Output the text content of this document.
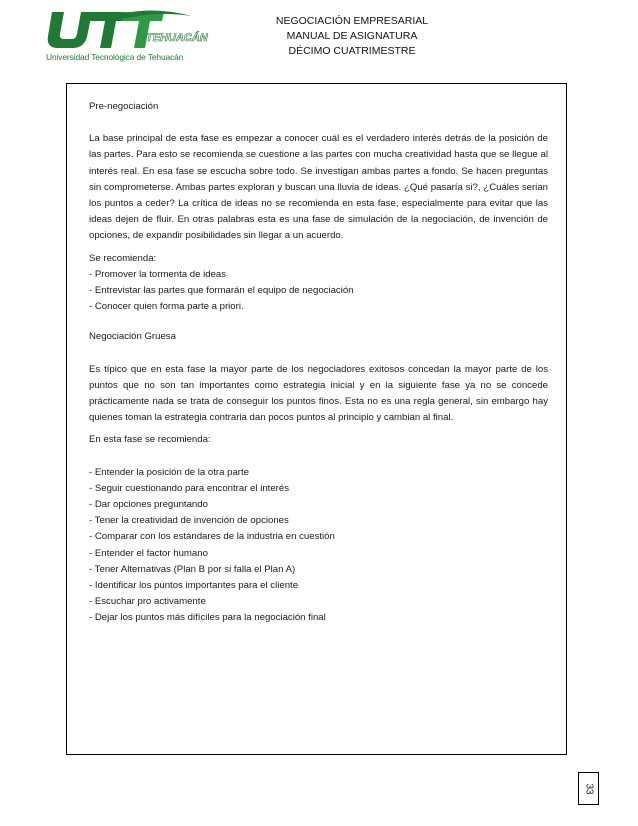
TEHUACÁN
Universidad Tecnológica de Tehuacán
NEGOCIACIÓN EMPRESARIAL
MANUAL DE ASIGNATURA
DÉCIMO CUATRIMESTRE

Pre-negociación

La base principal de esta fase es empezar a conocer cuál es el verdadero interés detrás de la posición de las partes. Para esto se recomienda se cuestione a las partes con mucha creatividad hasta que se llegue al interés real. En esa fase se escucha sobre todo. Se investigan ambas partes a fondo. Se hacen preguntas sin comprometerse. Ambas partes exploran y buscan una lluvia de ideas. ¿Qué pasaría si?, ¿Cuáles serian los puntos a ceder? La crítica de ideas no se recomienda en esta fase, especialmente para evitar que las ideas dejen de fluir. En otras palabras esta es una fase de simulación de la negociación, de invención de opciones, de expandir posibilidades sin llegar a un acuerdo.

Se recomienda:

- Promover la tormenta de ideas
- Entrevistar las partes que formarán el equipo de negociación
- Conocer quien forma parte a priori.

Negociación Gruesa

Es típico que en esta fase la mayor parte de los negociadores exitosos concedan la mayor parte de los puntos que no son tan importantes como estrategia inicial y en la siguiente fase ya no se concede prácticamente nada se trata de conseguir los puntos finos. Esta no es una regla general, sin embargo hay quienes toman la estrategia contraria dan pocos puntos al principio y cambian al final.

En esta fase se recomienda:

- Entender la posición de la otra parte
- Seguir cuestionando para encontrar el interés
- Dar opciones preguntando
- Tener la creatividad de invención de opciones
- Comparar con los estándares de la industria en cuestión
- Entender el factor humano
- Tener Alternativas (Plan B por si falla el Plan A)
- Identificar los puntos importantes para el cliente
- Escuchar pro activamente
- Dejar los puntos más difíciles para la negociación final
33
